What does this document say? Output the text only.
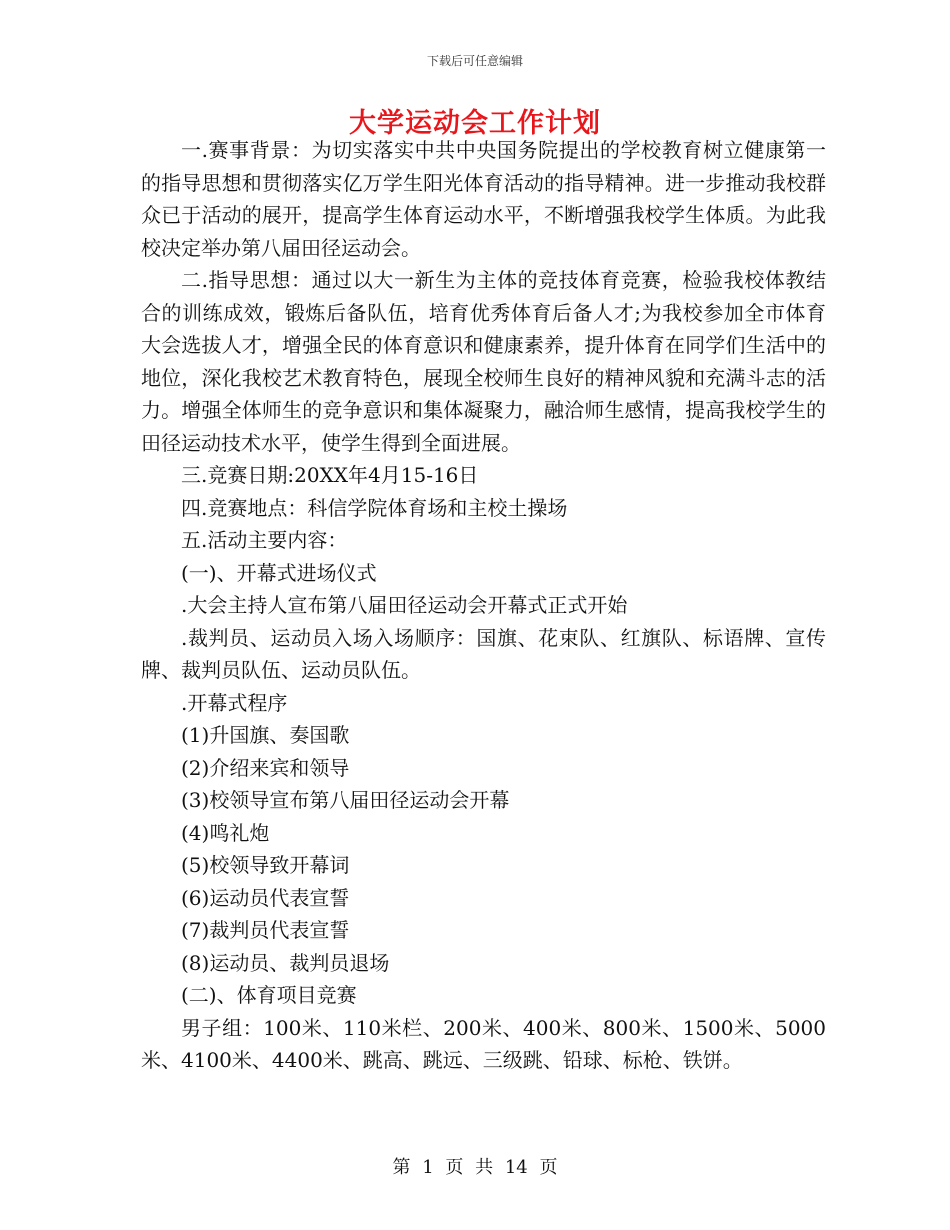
下载后可任意编辑
大学运动会工作计划

一.赛事背景：为切实落实中共中央国务院提出的学校教育树立健康第一的指导思想和贯彻落实亿万学生阳光体育活动的指导精神。进一步推动我校群众已于活动的展开，提高学生体育运动水平，不断增强我校学生体质。为此我校决定举办第八届田径运动会。

二.指导思想：通过以大一新生为主体的竞技体育竞赛，检验我校体教结合的训练成效，锻炼后备队伍，培育优秀体育后备人才;为我校参加全市体育大会选拔人才，增强全民的体育意识和健康素养，提升体育在同学们生活中的地位，深化我校艺术教育特色，展现全校师生良好的精神风貌和充满斗志的活力。增强全体师生的竞争意识和集体凝聚力，融洽师生感情，提高我校学生的田径运动技术水平，使学生得到全面进展。

三.竞赛日期:20XX年4月15-16日

四.竞赛地点：科信学院体育场和主校土操场

五.活动主要内容：

(一)、开幕式进场仪式

.大会主持人宣布第八届田径运动会开幕式正式开始

.裁判员、运动员入场入场顺序：国旗、花束队、红旗队、标语牌、宣传牌、裁判员队伍、运动员队伍。

.开幕式程序

(1)升国旗、奏国歌

(2)介绍来宾和领导

(3)校领导宣布第八届田径运动会开幕

(4)鸣礼炮

(5)校领导致开幕词

(6)运动员代表宣誓

(7)裁判员代表宣誓

(8)运动员、裁判员退场

(二)、体育项目竞赛

男子组：100米、110米栏、200米、400米、800米、1500米、5000米、4100米、4400米、跳高、跳远、三级跳、铅球、标枪、铁饼。

第 1 页 共 14 页
